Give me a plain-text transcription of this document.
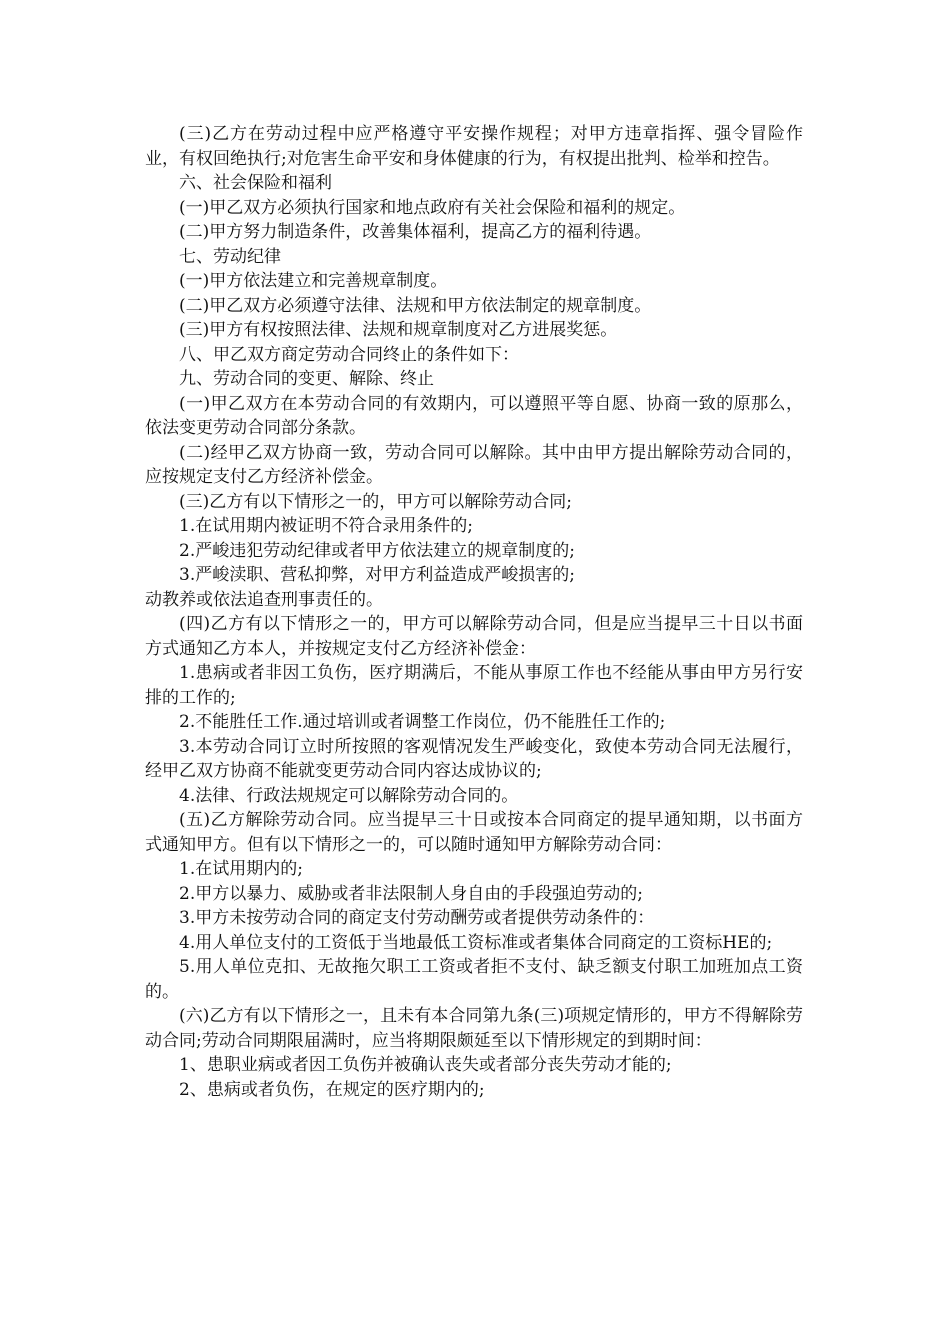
(三)乙方在劳动过程中应严格遵守平安操作规程；对甲方违章指挥、强令冒险作业，有权回绝执行;对危害生命平安和身体健康的行为，有权提出批判、检举和控告。

六、社会保险和福利

(一)甲乙双方必须执行国家和地点政府有关社会保险和福利的规定。

(二)甲方努力制造条件，改善集体福利，提高乙方的福利待遇。

七、劳动纪律

(一)甲方依法建立和完善规章制度。

(二)甲乙双方必须遵守法律、法规和甲方依法制定的规章制度。

(三)甲方有权按照法律、法规和规章制度对乙方进展奖惩。

八、甲乙双方商定劳动合同终止的条件如下：

九、劳动合同的变更、解除、终止

(一)甲乙双方在本劳动合同的有效期内，可以遵照平等自愿、协商一致的原那么，依法变更劳动合同部分条款。

(二)经甲乙双方协商一致，劳动合同可以解除。其中由甲方提出解除劳动合同的，应按规定支付乙方经济补偿金。

(三)乙方有以下情形之一的，甲方可以解除劳动合同;

1.在试用期内被证明不符合录用条件的;

2.严峻违犯劳动纪律或者甲方依法建立的规章制度的;

3.严峻渎职、营私抑弊，对甲方利益造成严峻损害的;

动教养或依法追查刑事责任的。

(四)乙方有以下情形之一的，甲方可以解除劳动合同，但是应当提早三十日以书面方式通知乙方本人，并按规定支付乙方经济补偿金：

1.患病或者非因工负伤，医疗期满后，不能从事原工作也不经能从事由甲方另行安排的工作的;

2.不能胜任工作.通过培训或者调整工作岗位，仍不能胜任工作的;

3.本劳动合同订立时所按照的客观情况发生严峻变化，致使本劳动合同无法履行，经甲乙双方协商不能就变更劳动合同内容达成协议的;

4.法律、行政法规规定可以解除劳动合同的。

(五)乙方解除劳动合同。应当提早三十日或按本合同商定的提早通知期，以书面方式通知甲方。但有以下情形之一的，可以随时通知甲方解除劳动合同：

1.在试用期内的;

2.甲方以暴力、威胁或者非法限制人身自由的手段强迫劳动的;

3.甲方未按劳动合同的商定支付劳动酬劳或者提供劳动条件的：

4.用人单位支付的工资低于当地最低工资标准或者集体合同商定的工资标HE的;

5.用人单位克扣、无故拖欠职工工资或者拒不支付、缺乏额支付职工加班加点工资的。

(六)乙方有以下情形之一，且未有本合同第九条(三)项规定情形的，甲方不得解除劳动合同;劳动合同期限届满时，应当将期限颇延至以下情形规定的到期时间：

1、患职业病或者因工负伤并被确认丧失或者部分丧失劳动才能的;

2、患病或者负伤，在规定的医疗期内的;
